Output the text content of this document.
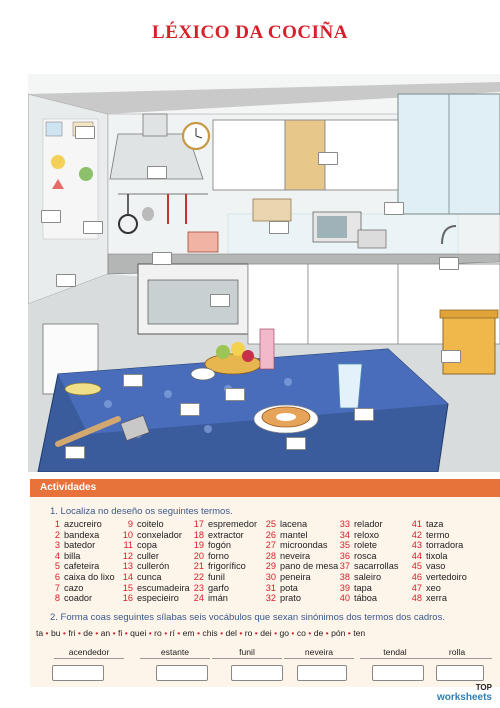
LÉXICO DA COCIÑA
Actividades
1. Localiza no deseño os seguintes termos.
1 azucreiro
2 bandexa
3 batedor
4 billa
5 cafeteira
6 caixa do lixo
7 cazo
8 coador
9 coitelo
10 conxelador
11 copa
12 culler
13 cullerón
14 cunca
15 escumadeira
16 especieiro
17 espremedor
18 extractor
19 fogón
20 forno
21 frigorífico
22 funil
23 garfo
24 imán
25 lacena
26 mantel
27 microondas
28 neveira
29 pano de mesa
30 peneira
31 pota
32 prato
33 relador
34 reloxo
35 rolete
36 rosca
37 sacarrollas
38 saleiro
39 tapa
40 táboa
41 taza
42 termo
43 torradora
44 tixola
45 vaso
46 vertedoiro
47 xeo
48 xerra
2. Forma coas seguintes sílabas seis vocábulos que sexan sinónimos dos termos dos cadros.
ta • bu • fri • de • an • fi • quei • ro • rí • em • chis • del • ro • dei • go • co • de • pón • ten
acendedor	estante	funil	neveira	tendal	rolla
TOP
worksheets
